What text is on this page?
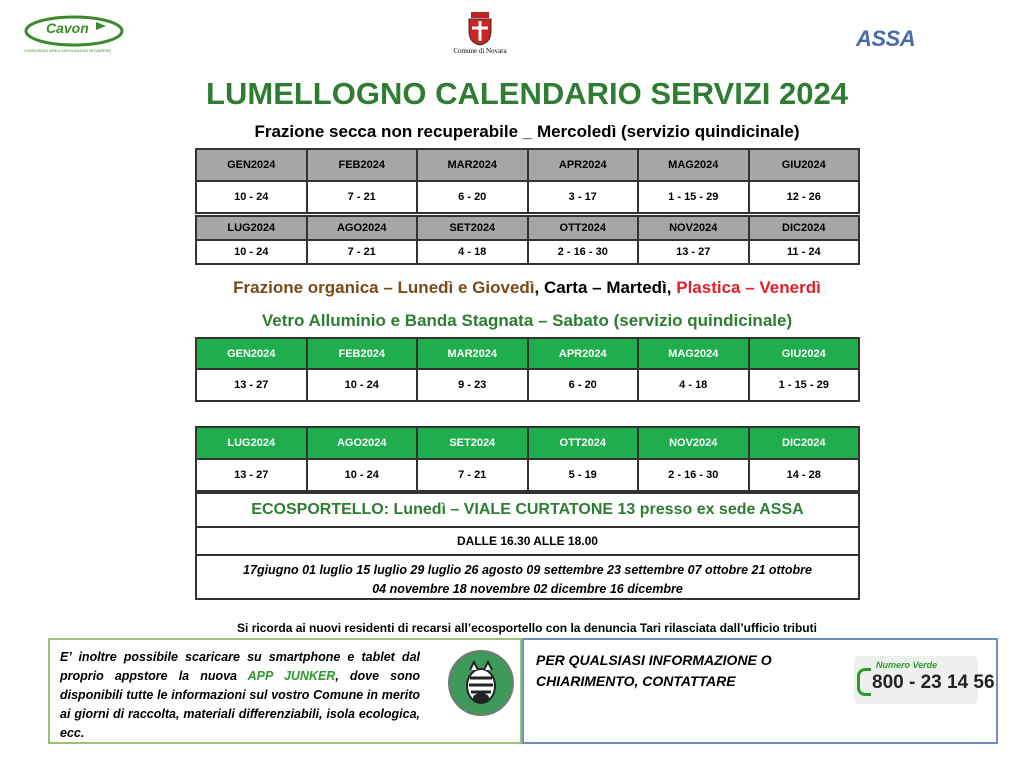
Cavon
CONSORZIO AREA VASTA BASSO NOVARESE	Comune di Novara	ASSA
LUMELLOGNO CALENDARIO SERVIZI 2024
Frazione secca non recuperabile _ Mercoledì (servizio quindicinale)
GEN2024	FEB2024	MAR2024	APR2024	MAG2024	GIU2024
10 - 24	7 - 21	6 - 20	3 - 17	1 - 15 - 29	12 - 26
LUG2024	AGO2024	SET2024	OTT2024	NOV2024	DIC2024
10 - 24	7 - 21	4 - 18	2 - 16 - 30	13 - 27	11 - 24
Frazione organica – Lunedì e Giovedì, Carta – Martedì, Plastica – Venerdì
Vetro Alluminio e Banda Stagnata – Sabato (servizio quindicinale)
GEN2024	FEB2024	MAR2024	APR2024	MAG2024	GIU2024
13 - 27	10 - 24	9 - 23	6 - 20	4 - 18	1 - 15 - 29
LUG2024	AGO2024	SET2024	OTT2024	NOV2024	DIC2024
13 - 27	10 - 24	7 - 21	5 - 19	2 - 16 - 30	14 - 28
ECOSPORTELLO: Lunedì – VIALE CURTATONE 13 presso ex sede ASSA
DALLE 16.30 ALLE 18.00
17giugno 01 luglio 15 luglio 29 luglio 26 agosto 09 settembre 23 settembre 07 ottobre 21 ottobre
04 novembre 18 novembre 02 dicembre 16 dicembre
Si ricorda ai nuovi residenti di recarsi all’ecosportello con la denuncia Tari rilasciata dall’ufficio tributi
E’ inoltre possibile scaricare su smartphone e tablet dal proprio appstore la nuova APP JUNKER, dove sono disponibili tutte le informazioni sul vostro Comune in merito ai giorni di raccolta, materiali differenziabili, isola ecologica, ecc.
PER QUALSIASI INFORMAZIONE O CHIARIMENTO, CONTATTARE
Numero Verde
800 - 23 14 56
